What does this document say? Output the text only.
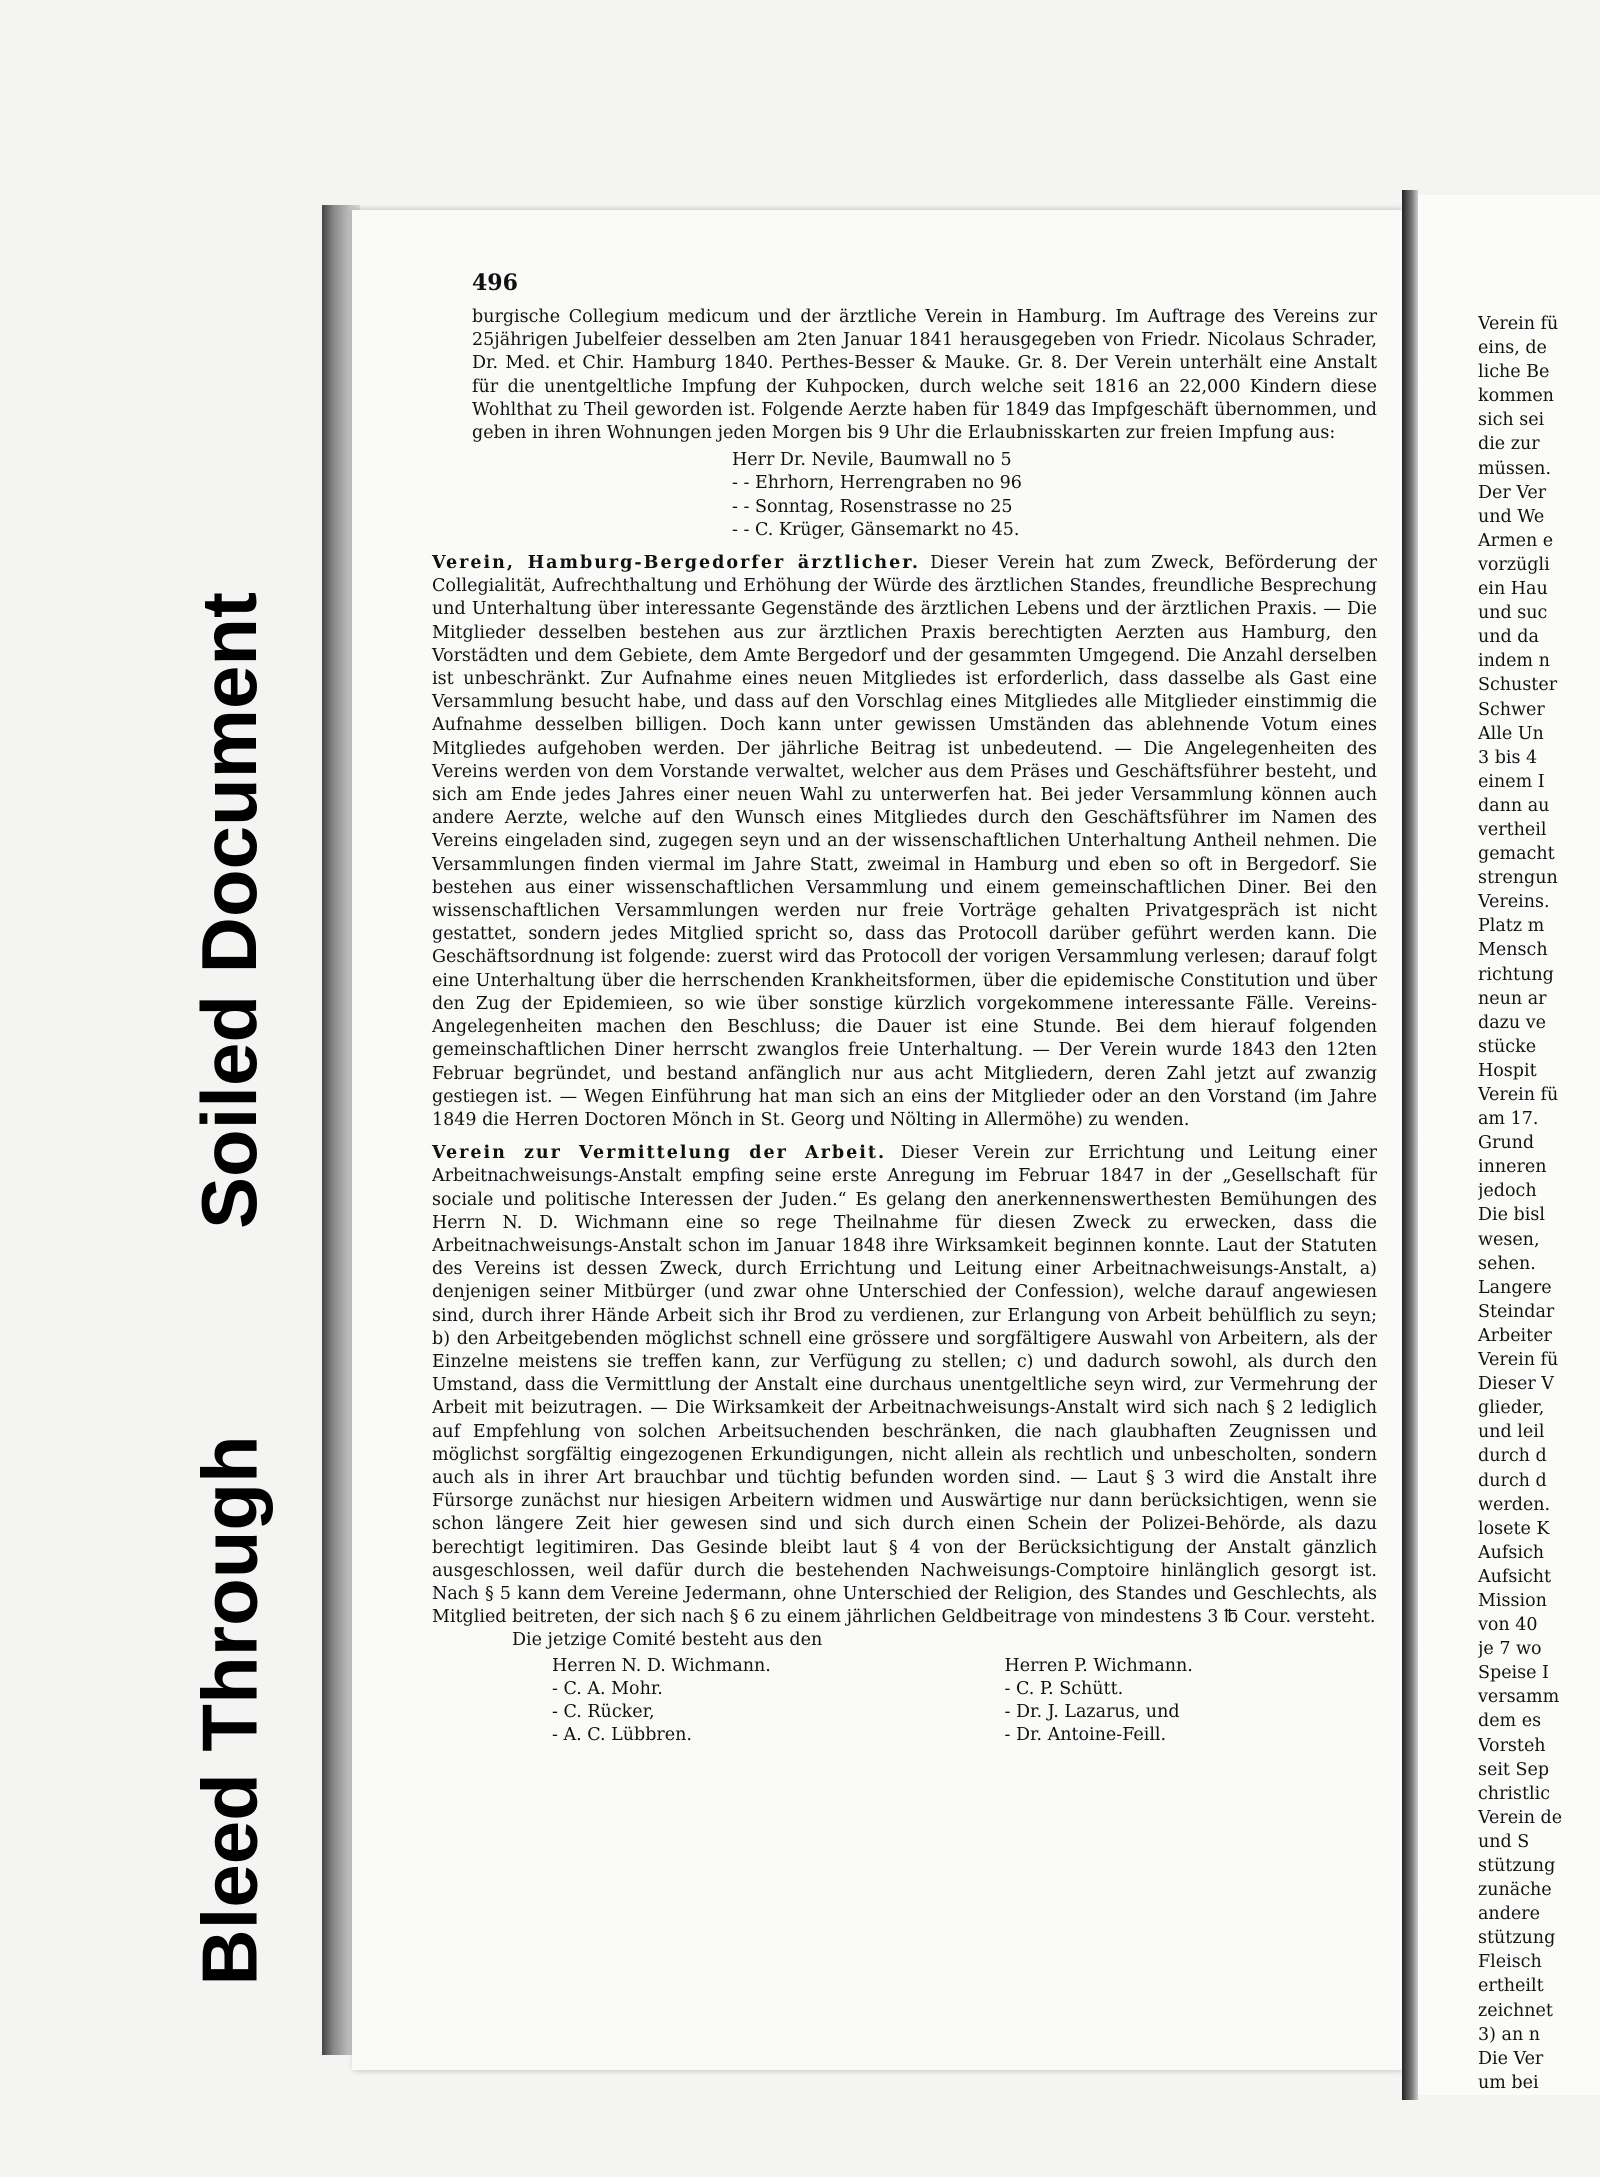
Soiled Document
Bleed Through
496

burgische Collegium medicum und der ärztliche Verein in Hamburg. Im Auftrage des Vereins zur 25jährigen Jubelfeier desselben am 2ten Januar 1841 herausgegeben von Friedr. Nicolaus Schrader, Dr. Med. et Chir. Hamburg 1840. Perthes-Besser & Mauke. Gr. 8. Der Verein unterhält eine Anstalt für die unentgeltliche Impfung der Kuhpocken, durch welche seit 1816 an 22,000 Kindern diese Wohlthat zu Theil geworden ist. Folgende Aerzte haben für 1849 das Impfgeschäft übernommen, und geben in ihren Wohnungen jeden Morgen bis 9 Uhr die Erlaubnisskarten zur freien Impfung aus:

Herr Dr. Nevile, Baumwall no 5
- - Ehrhorn, Herrengraben no 96
- - Sonntag, Rosenstrasse no 25
- - C. Krüger, Gänsemarkt no 45.

Verein, Hamburg-Bergedorfer ärztlicher. Dieser Verein hat zum Zweck, Beförderung der Collegialität, Aufrechthaltung und Erhöhung der Würde des ärztlichen Standes, freundliche Besprechung und Unterhaltung über interessante Gegenstände des ärztlichen Lebens und der ärztlichen Praxis. — Die Mitglieder desselben bestehen aus zur ärztlichen Praxis berechtigten Aerzten aus Hamburg, den Vorstädten und dem Gebiete, dem Amte Bergedorf und der gesammten Umgegend. Die Anzahl derselben ist unbeschränkt. Zur Aufnahme eines neuen Mitgliedes ist erforderlich, dass dasselbe als Gast eine Versammlung besucht habe, und dass auf den Vorschlag eines Mitgliedes alle Mitglieder einstimmig die Aufnahme desselben billigen. Doch kann unter gewissen Umständen das ablehnende Votum eines Mitgliedes aufgehoben werden. Der jährliche Beitrag ist unbedeutend. — Die Angelegenheiten des Vereins werden von dem Vorstande verwaltet, welcher aus dem Präses und Geschäftsführer besteht, und sich am Ende jedes Jahres einer neuen Wahl zu unterwerfen hat. Bei jeder Versammlung können auch andere Aerzte, welche auf den Wunsch eines Mitgliedes durch den Geschäftsführer im Namen des Vereins eingeladen sind, zugegen seyn und an der wissenschaftlichen Unterhaltung Antheil nehmen. Die Versammlungen finden viermal im Jahre Statt, zweimal in Hamburg und eben so oft in Bergedorf. Sie bestehen aus einer wissenschaftlichen Versammlung und einem gemeinschaftlichen Diner. Bei den wissenschaftlichen Versammlungen werden nur freie Vorträge gehalten Privatgespräch ist nicht gestattet, sondern jedes Mitglied spricht so, dass das Protocoll darüber geführt werden kann. Die Geschäftsordnung ist folgende: zuerst wird das Protocoll der vorigen Versammlung verlesen; darauf folgt eine Unterhaltung über die herrschenden Krankheitsformen, über die epidemische Constitution und über den Zug der Epidemieen, so wie über sonstige kürzlich vorgekommene interessante Fälle. Vereins-Angelegenheiten machen den Beschluss; die Dauer ist eine Stunde. Bei dem hierauf folgenden gemeinschaftlichen Diner herrscht zwanglos freie Unterhaltung. — Der Verein wurde 1843 den 12ten Februar begründet, und bestand anfänglich nur aus acht Mitgliedern, deren Zahl jetzt auf zwanzig gestiegen ist. — Wegen Einführung hat man sich an eins der Mitglieder oder an den Vorstand (im Jahre 1849 die Herren Doctoren Mönch in St. Georg und Nölting in Allermöhe) zu wenden.

Verein zur Vermittelung der Arbeit. Dieser Verein zur Errichtung und Leitung einer Arbeitnachweisungs-Anstalt empfing seine erste Anregung im Februar 1847 in der „Gesellschaft für sociale und politische Interessen der Juden.“ Es gelang den anerkennenswerthesten Bemühungen des Herrn N. D. Wichmann eine so rege Theilnahme für diesen Zweck zu erwecken, dass die Arbeitnachweisungs-Anstalt schon im Januar 1848 ihre Wirksamkeit beginnen konnte. Laut der Statuten des Vereins ist dessen Zweck, durch Errichtung und Leitung einer Arbeitnachweisungs-Anstalt, a) denjenigen seiner Mitbürger (und zwar ohne Unterschied der Confession), welche darauf angewiesen sind, durch ihrer Hände Arbeit sich ihr Brod zu verdienen, zur Erlangung von Arbeit behülflich zu seyn; b) den Arbeitgebenden möglichst schnell eine grössere und sorgfältigere Auswahl von Arbeitern, als der Einzelne meistens sie treffen kann, zur Verfügung zu stellen; c) und dadurch sowohl, als durch den Umstand, dass die Vermittlung der Anstalt eine durchaus unentgeltliche seyn wird, zur Vermehrung der Arbeit mit beizutragen. — Die Wirksamkeit der Arbeitnachweisungs-Anstalt wird sich nach § 2 lediglich auf Empfehlung von solchen Arbeitsuchenden beschränken, die nach glaubhaften Zeugnissen und möglichst sorgfältig eingezogenen Erkundigungen, nicht allein als rechtlich und unbescholten, sondern auch als in ihrer Art brauchbar und tüchtig befunden worden sind. — Laut § 3 wird die Anstalt ihre Fürsorge zunächst nur hiesigen Arbeitern widmen und Auswärtige nur dann berücksichtigen, wenn sie schon längere Zeit hier gewesen sind und sich durch einen Schein der Polizei-Behörde, als dazu berechtigt legitimiren. Das Gesinde bleibt laut § 4 von der Berücksichtigung der Anstalt gänzlich ausgeschlossen, weil dafür durch die bestehenden Nachweisungs-Comptoire hinlänglich gesorgt ist. Nach § 5 kann dem Vereine Jedermann, ohne Unterschied der Religion, des Standes und Geschlechts, als Mitglied beitreten, der sich nach § 6 zu einem jährlichen Geldbeitrage von mindestens 3 ℔ Cour. versteht.

Die jetzige Comité besteht aus den
Herren N. D. Wichmann.
- C. A. Mohr.
- C. Rücker,
- A. C. Lübbren.
Herren P. Wichmann.
- C. P. Schütt.
- Dr. J. Lazarus, und
- Dr. Antoine-Feill.
Verein fü
eins, de
liche Be
kommen
sich sei
die zur
müssen.
Der Ver
und We
Armen e
vorzügli
ein Hau
und suc
und da
indem n
Schuster
Schwer
Alle Un
3 bis 4
einem I
dann au
vertheil
gemacht
strengun
Vereins.
Platz m
Mensch
richtung
neun ar
dazu ve
stücke
Hospit
Verein fü
am 17.
Grund
inneren
jedoch
Die bisl
wesen,
sehen.
Langere
Steindar
Arbeiter
Verein fü
Dieser V
glieder,
und leil
durch d
durch d
werden.
losete K
Aufsich
Aufsicht
Mission
von 40
je 7 wo
Speise I
versamm
dem es
Vorsteh
seit Sep
christlic
Verein de
und S
stützung
zunäche
andere
stützung
Fleisch
ertheilt
zeichnet
3) an n
Die Ver
um bei
